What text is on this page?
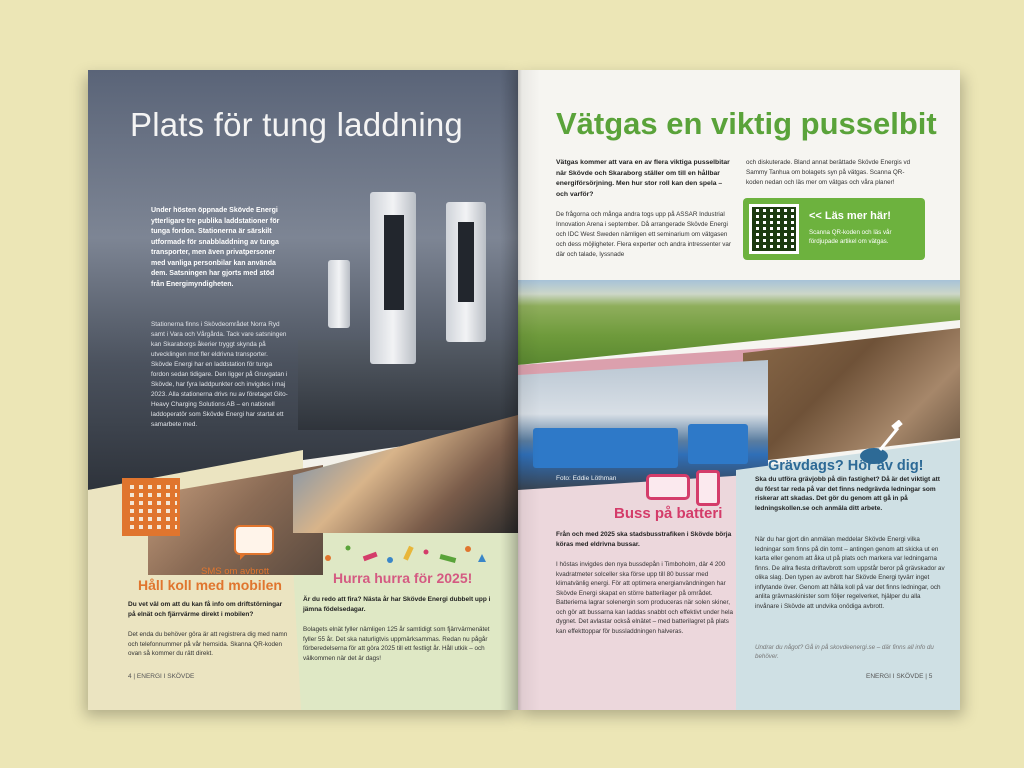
Plats för tung laddning

Under hösten öppnade Skövde Energi ytterligare tre publika laddstationer för tunga fordon. Stationerna är särskilt utformade för snabbladdning av tunga transporter, men även privatpersoner med vanliga personbilar kan använda dem. Satsningen har gjorts med stöd från Energimyndigheten.

Stationerna finns i Skövdeområdet Norra Ryd samt i Vara och Vårgårda. Tack vare satsningen kan Skaraborgs åkerier tryggt skynda på utvecklingen mot fler eldrivna transporter. Skövde Energi har en laddstation för tunga fordon sedan tidigare. Den ligger på Gruvgatan i Skövde, har fyra laddpunkter och invigdes i maj 2023. Alla stationerna drivs nu av företaget Gito-Heavy Charging Solutions AB – en nationell laddoperatör som Skövde Energi har startat ett samarbete med.

SMS om avbrott

Håll koll med mobilen

Du vet väl om att du kan få info om driftstörningar på elnät och fjärrvärme direkt i mobilen?

Det enda du behöver göra är att registrera dig med namn och telefonnummer på vår hemsida. Skanna QR-koden ovan så kommer du rätt direkt.

Hurra hurra för 2025!

Är du redo att fira? Nästa år har Skövde Energi dubbelt upp i jämna födelsedagar.

Bolagets elnät fyller nämligen 125 år samtidigt som fjärrvärmenätet fyller 55 år. Det ska naturligtvis uppmärksammas. Redan nu pågår förberedelserna för att göra 2025 till ett festligt år. Håll utkik – och välkommen när det är dags!

4 | ENERGI I SKÖVDE

Vätgas en viktig pusselbit

Vätgas kommer att vara en av flera viktiga pusselbitar när Skövde och Skaraborg ställer om till en hållbar energiförsörjning. Men hur stor roll kan den spela – och varför?

De frågorna och många andra togs upp på ASSAR Industrial Innovation Arena i september. Då arrangerade Skövde Energi och IDC West Sweden nämligen ett seminarium om vätgasen och dess möjligheter. Flera experter och andra intressenter var där och talade, lyssnade

och diskuterade. Bland annat berättade Skövde Energis vd Sammy Tanhua om bolagets syn på vätgas. Scanna QR-koden nedan och läs mer om vätgas och våra planer!

<< Läs mer här!

Scanna QR-koden och läs vår fördjupade artikel om vätgas.

Foto: Eddie Löthman

Buss på batteri

Från och med 2025 ska stadsbusstrafiken i Skövde börja köras med eldrivna bussar.

I höstas invigdes den nya bussdepån i Timboholm, där 4 200 kvadratmeter solceller ska förse upp till 80 bussar med klimatvänlig energi. För att optimera energianvändningen har Skövde Energi skapat en större batterilager på området. Batterierna lagrar solenergin som produceras när solen skiner, och gör att bussarna kan laddas snabbt och effektivt under hela dygnet. Det avlastar också elnätet – med batterilagret på plats kan effekttoppar för bussladdningen halveras.

Grävdags? Hör av dig!

Ska du utföra grävjobb på din fastighet? Då är det viktigt att du först tar reda på var det finns nedgrävda ledningar som riskerar att skadas. Det gör du genom att gå in på ledningskollen.se och anmäla ditt arbete.

När du har gjort din anmälan meddelar Skövde Energi vilka ledningar som finns på din tomt – antingen genom att skicka ut en karta eller genom att åka ut på plats och markera var ledningarna finns. De allra flesta driftavbrott som uppstår beror på grävskador av olika slag. Den typen av avbrott har Skövde Energi tyvärr inget inflytande över. Genom att hålla koll på var det finns ledningar, och anlita grävmaskinister som följer regelverket, hjälper du alla invånare i Skövde att undvika onödiga avbrott.

Undrar du något? Gå in på skovdeenergi.se – där finns all info du behöver.

ENERGI I SKÖVDE | 5
